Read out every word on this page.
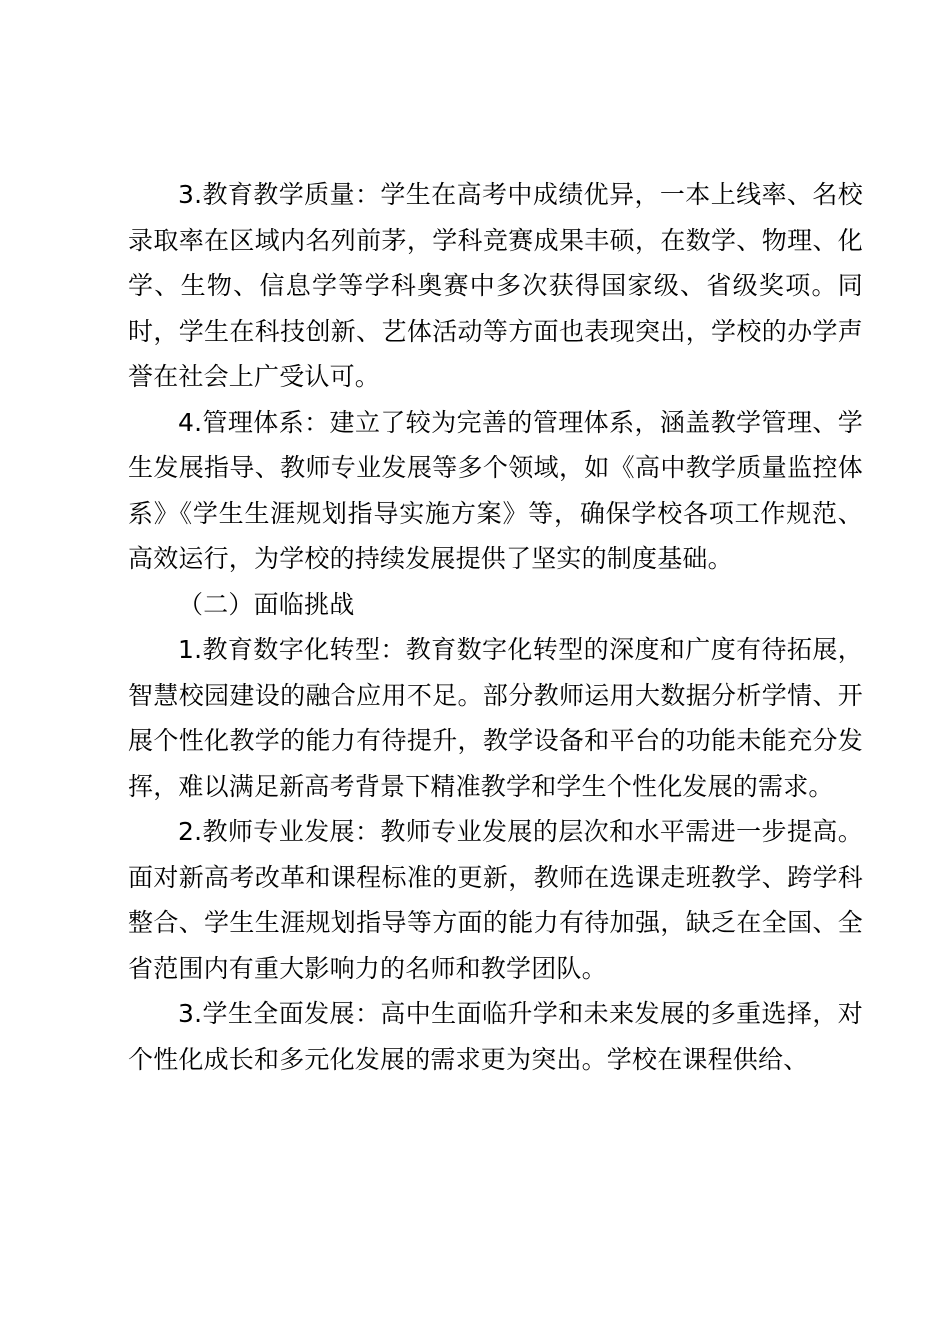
3.教育教学质量：学生在高考中成绩优异，一本上线率、名校录取率在区域内名列前茅，学科竞赛成果丰硕，在数学、物理、化学、生物、信息学等学科奥赛中多次获得国家级、省级奖项。同时，学生在科技创新、艺体活动等方面也表现突出，学校的办学声誉在社会上广受认可。

4.管理体系：建立了较为完善的管理体系，涵盖教学管理、学生发展指导、教师专业发展等多个领域，如《高中教学质量监控体系》《学生生涯规划指导实施方案》等，确保学校各项工作规范、高效运行，为学校的持续发展提供了坚实的制度基础。

（二）面临挑战

1.教育数字化转型：教育数字化转型的深度和广度有待拓展，智慧校园建设的融合应用不足。部分教师运用大数据分析学情、开展个性化教学的能力有待提升，教学设备和平台的功能未能充分发挥，难以满足新高考背景下精准教学和学生个性化发展的需求。

2.教师专业发展：教师专业发展的层次和水平需进一步提高。面对新高考改革和课程标准的更新，教师在选课走班教学、跨学科整合、学生生涯规划指导等方面的能力有待加强，缺乏在全国、全省范围内有重大影响力的名师和教学团队。

3.学生全面发展：高中生面临升学和未来发展的多重选择，对个性化成长和多元化发展的需求更为突出。学校在课程供给、
